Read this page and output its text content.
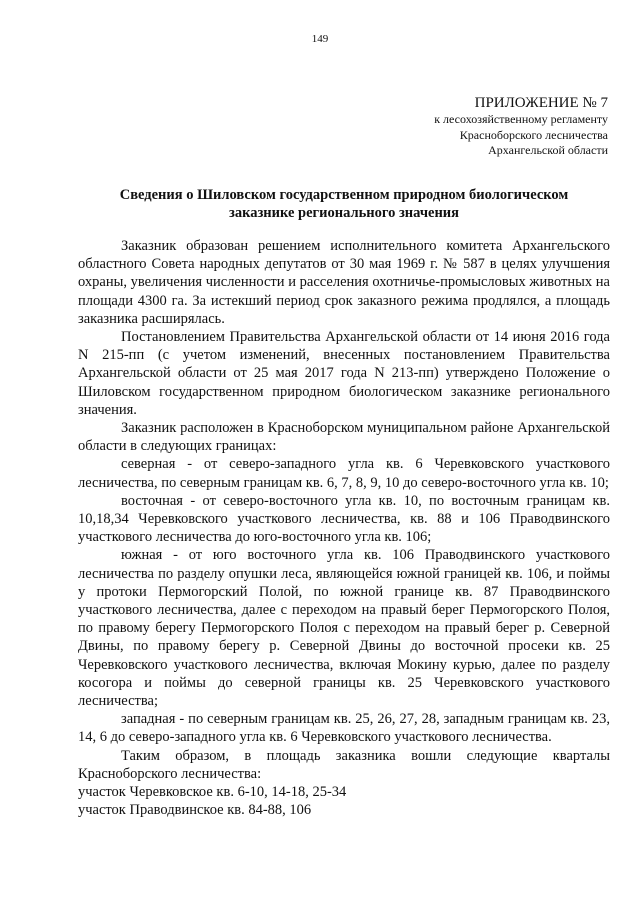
149
ПРИЛОЖЕНИЕ № 7
к лесохозяйственному регламенту
Красноборского лесничества
Архангельской области
Сведения о Шиловском государственном природном биологическом
заказнике регионального значения

Заказник образован решением исполнительного комитета Архангельского областного Совета народных депутатов от 30 мая 1969 г. № 587 в целях улучшения охраны, увеличения численности и расселения охотничье-промысловых животных на площади 4300 га. За истекший период срок заказного режима продлялся, а площадь заказника расширялась.

Постановлением Правительства Архангельской области от 14 июня 2016 года N 215-пп (с учетом изменений, внесенных постановлением Правительства Архангельской области от 25 мая 2017 года N 213-пп) утверждено Положение о Шиловском государственном природном биологическом заказнике регионального значения.

Заказник расположен в Красноборском муниципальном районе Архангельской области в следующих границах:

северная - от северо-западного угла кв. 6 Черевковского участкового лесничества, по северным границам кв. 6, 7, 8, 9, 10 до северо-восточного угла кв. 10;

восточная - от северо-восточного угла кв. 10, по восточным границам кв. 10,18,34 Черевковского участкового лесничества, кв. 88 и 106 Праводвинского участкового лесничества до юго-восточного угла кв. 106;

южная - от юго восточного угла кв. 106 Праводвинского участкового лесничества по разделу опушки леса, являющейся южной границей кв. 106, и поймы у протоки Пермогорский Полой, по южной границе кв. 87 Праводвинского участкового лесничества, далее с переходом на правый берег Пермогорского Полоя, по правому берегу Пермогорского Полоя с переходом на правый берег р. Северной Двины, по правому берегу р. Северной Двины до восточной просеки кв. 25 Черевковского участкового лесничества, включая Мокину курью, далее по разделу косогора и поймы до северной границы кв. 25 Черевковского участкового лесничества;

западная - по северным границам кв. 25, 26, 27, 28, западным границам кв. 23, 14, 6 до северо-западного угла кв. 6 Черевковского участкового лесничества.

Таким образом, в площадь заказника вошли следующие кварталы Красноборского лесничества:

участок Черевковское кв. 6-10, 14-18, 25-34

участок Праводвинское кв. 84-88, 106
